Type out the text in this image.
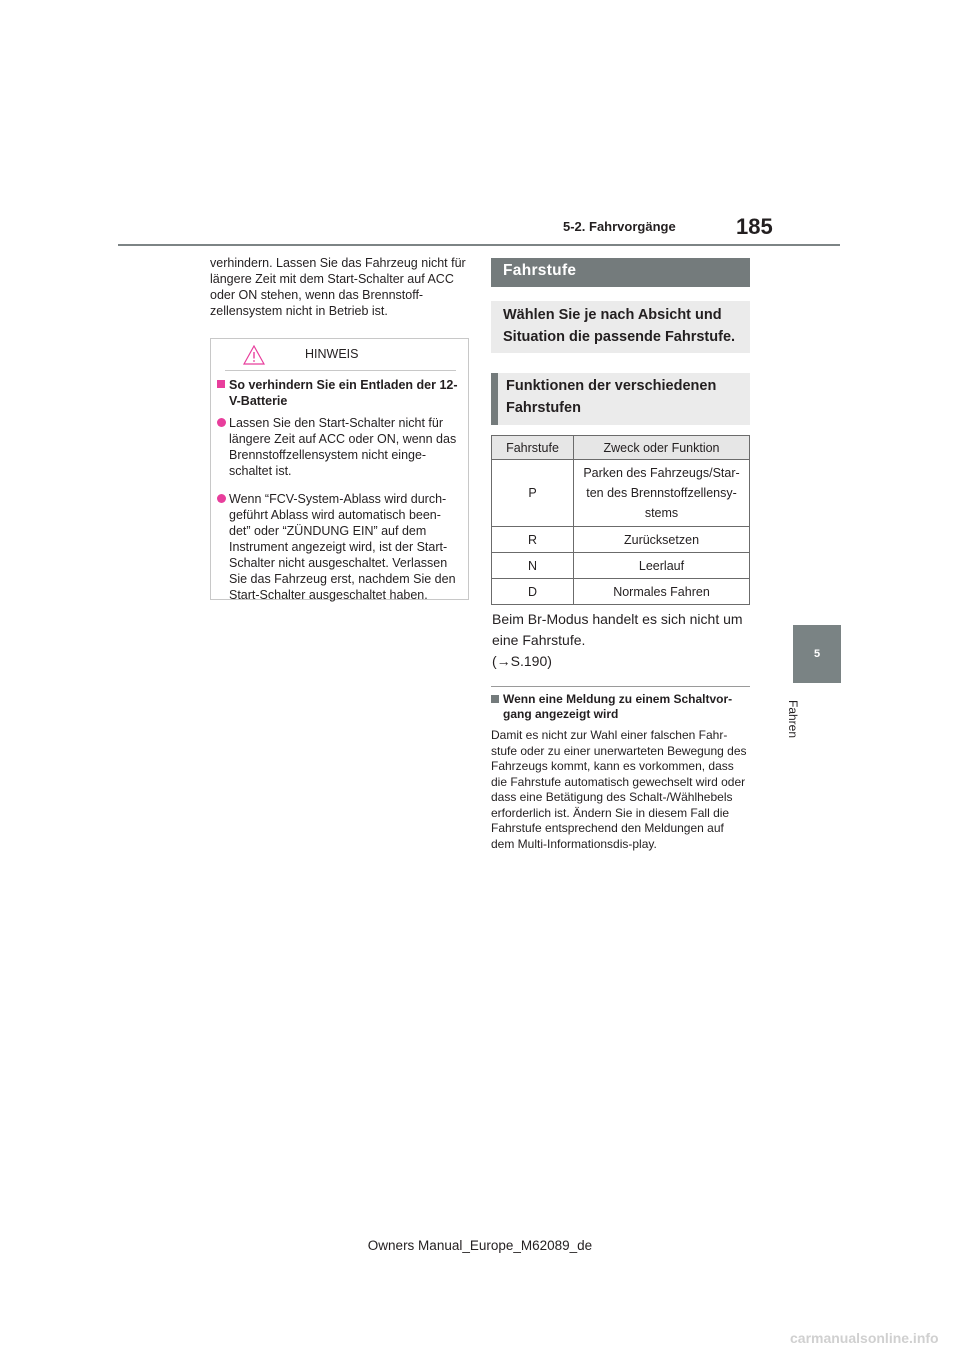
5-2. Fahrvorgänge	185
5
Fahren

verhindern. Lassen Sie das Fahrzeug nicht für längere Zeit mit dem Start-Schalter auf ACC oder ON stehen, wenn das Brennstoff-zellensystem nicht in Betrieb ist.

HINWEIS
So verhindern Sie ein Entladen der 12-V-Batterie
Lassen Sie den Start-Schalter nicht für längere Zeit auf ACC oder ON, wenn das Brennstoffzellensystem nicht einge-schaltet ist.
Wenn “FCV-System-Ablass wird durch-geführt Ablass wird automatisch been-det” oder “ZÜNDUNG EIN” auf dem Instrument angezeigt wird, ist der Start-Schalter nicht ausgeschaltet. Verlassen Sie das Fahrzeug erst, nachdem Sie den Start-Schalter ausgeschaltet haben.
Fahrstufe
Wählen Sie je nach Absicht und Situation die passende Fahrstufe.
Funktionen der verschiedenen Fahrstufen
Fahrstufe	Zweck oder Funktion
P	Parken des Fahrzeugs/Star-ten des Brennstoffzellensy-stems
R	Zurücksetzen
N	Leerlauf
D	Normales Fahren
Beim Br-Modus handelt es sich nicht um eine Fahrstufe.
(→S.190)
Wenn eine Meldung zu einem Schaltvor-gang angezeigt wird

Damit es nicht zur Wahl einer falschen Fahr-stufe oder zu einer unerwarteten Bewegung des Fahrzeugs kommt, kann es vorkommen, dass die Fahrstufe automatisch gewechselt wird oder dass eine Betätigung des Schalt-/Wählhebels erforderlich ist. Ändern Sie in diesem Fall die Fahrstufe entsprechend den Meldungen auf dem Multi-Informationsdis-play.

Owners Manual_Europe_M62089_de
carmanualsonline.info
